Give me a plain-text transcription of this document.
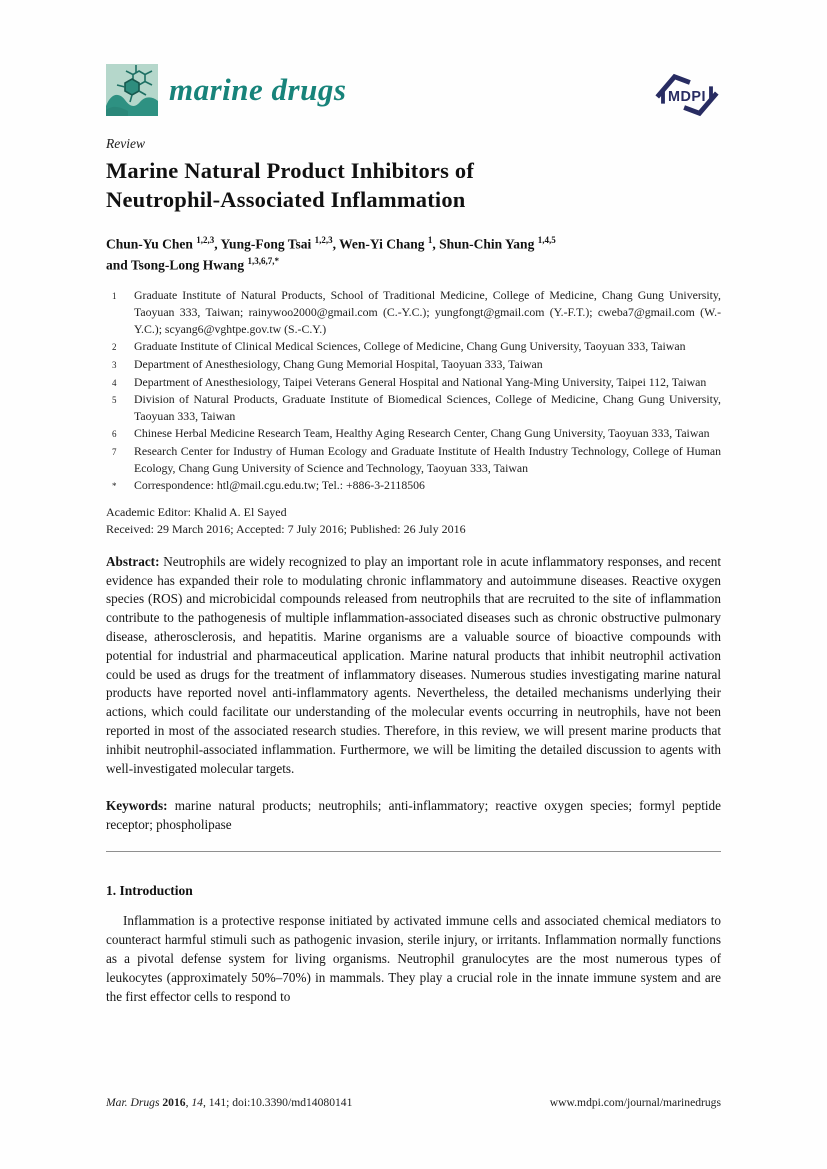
marine drugs	MDPI
Review
Marine Natural Product Inhibitors of
Neutrophil-Associated Inflammation
Chun-Yu Chen $^{1,2,3}$, Yung-Fong Tsai $^{1,2,3}$, Wen-Yi Chang $^1$, Shun-Chin Yang $^{1,4,5}$
and Tsong-Long Hwang $^{1,3,6,7,*}$
1	Graduate Institute of Natural Products, School of Traditional Medicine, College of Medicine, Chang Gung University, Taoyuan 333, Taiwan; rainywoo2000@gmail.com (C.-Y.C.); yungfongt@gmail.com (Y.-F.T.); cweba7@gmail.com (W.-Y.C.); scyang6@vghtpe.gov.tw (S.-C.Y.)
2	Graduate Institute of Clinical Medical Sciences, College of Medicine, Chang Gung University, Taoyuan 333, Taiwan
3	Department of Anesthesiology, Chang Gung Memorial Hospital, Taoyuan 333, Taiwan
4	Department of Anesthesiology, Taipei Veterans General Hospital and National Yang-Ming University, Taipei 112, Taiwan
5	Division of Natural Products, Graduate Institute of Biomedical Sciences, College of Medicine, Chang Gung University, Taoyuan 333, Taiwan
6	Chinese Herbal Medicine Research Team, Healthy Aging Research Center, Chang Gung University, Taoyuan 333, Taiwan
7	Research Center for Industry of Human Ecology and Graduate Institute of Health Industry Technology, College of Human Ecology, Chang Gung University of Science and Technology, Taoyuan 333, Taiwan
*	Correspondence: htl@mail.cgu.edu.tw; Tel.: +886-3-2118506
Academic Editor: Khalid A. El Sayed
Received: 29 March 2016; Accepted: 7 July 2016; Published: 26 July 2016

Abstract: Neutrophils are widely recognized to play an important role in acute inflammatory responses, and recent evidence has expanded their role to modulating chronic inflammatory and autoimmune diseases. Reactive oxygen species (ROS) and microbicidal compounds released from neutrophils that are recruited to the site of inflammation contribute to the pathogenesis of multiple inflammation-associated diseases such as chronic obstructive pulmonary disease, atherosclerosis, and hepatitis. Marine organisms are a valuable source of bioactive compounds with potential for industrial and pharmaceutical application. Marine natural products that inhibit neutrophil activation could be used as drugs for the treatment of inflammatory diseases. Numerous studies investigating marine natural products have reported novel anti-inflammatory agents. Nevertheless, the detailed mechanisms underlying their actions, which could facilitate our understanding of the molecular events occurring in neutrophils, have not been reported in most of the associated research studies. Therefore, in this review, we will present marine products that inhibit neutrophil-associated inflammation. Furthermore, we will be limiting the detailed discussion to agents with well-investigated molecular targets.

Keywords: marine natural products; neutrophils; anti-inflammatory; reactive oxygen species; formyl peptide receptor; phospholipase

1. Introduction

Inflammation is a protective response initiated by activated immune cells and associated chemical mediators to counteract harmful stimuli such as pathogenic invasion, sterile injury, or irritants. Inflammation normally functions as a pivotal defense system for living organisms. Neutrophil granulocytes are the most numerous types of leukocytes (approximately 50%–70%) in mammals. They play a crucial role in the innate immune system and are the first effector cells to respond to

Mar. Drugs 2016, 14, 141; doi:10.3390/md14080141	www.mdpi.com/journal/marinedrugs
